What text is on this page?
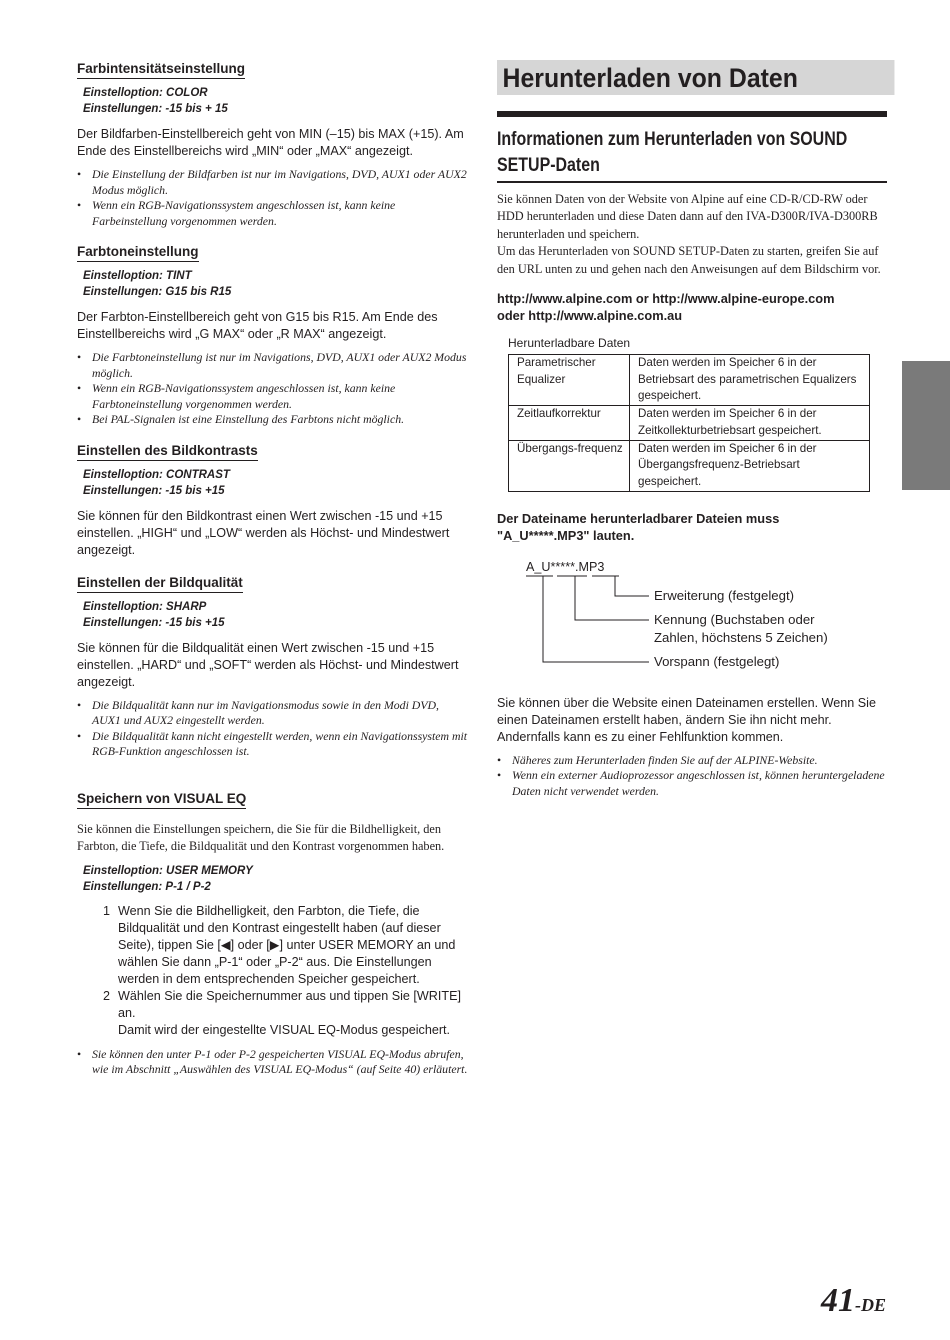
Farbintensitätseinstellung
Einstelloption: COLOR
Einstellungen: -15 bis + 15
Der Bildfarben-Einstellbereich geht von MIN (–15) bis MAX (+15). Am Ende des Einstellbereichs wird „MIN“ oder „MAX“ angezeigt.
• Die Einstellung der Bildfarben ist nur im Navigations, DVD, AUX1 oder AUX2 Modus möglich.
• Wenn ein RGB-Navigationssystem angeschlossen ist, kann keine Farbeinstellung vorgenommen werden.
Farbtoneinstellung
Einstelloption: TINT
Einstellungen: G15 bis R15
Der Farbton-Einstellbereich geht von G15 bis R15. Am Ende des Einstellbereichs wird „G MAX“ oder „R MAX“ angezeigt.
• Die Farbtoneinstellung ist nur im Navigations, DVD, AUX1 oder AUX2 Modus möglich.
• Wenn ein RGB-Navigationssystem angeschlossen ist, kann keine Farbtoneinstellung vorgenommen werden.
• Bei PAL-Signalen ist eine Einstellung des Farbtons nicht möglich.
Einstellen des Bildkontrasts
Einstelloption: CONTRAST
Einstellungen: -15 bis +15
Sie können für den Bildkontrast einen Wert zwischen -15 und +15 einstellen. „HIGH“ und „LOW“ werden als Höchst- und Mindestwert angezeigt.
Einstellen der Bildqualität
Einstelloption: SHARP
Einstellungen: -15 bis +15
Sie können für die Bildqualität einen Wert zwischen -15 und +15 einstellen. „HARD“ und „SOFT“ werden als Höchst- und Mindestwert angezeigt.
• Die Bildqualität kann nur im Navigationsmodus sowie in den Modi DVD, AUX1 und AUX2 eingestellt werden.
• Die Bildqualität kann nicht eingestellt werden, wenn ein Navigationssystem mit RGB-Funktion angeschlossen ist.
Speichern von VISUAL EQ
Sie können die Einstellungen speichern, die Sie für die Bildhelligkeit, den Farbton, die Tiefe, die Bildqualität und den Kontrast vorgenommen haben.
Einstelloption: USER MEMORY
Einstellungen: P-1 / P-2
1 Wenn Sie die Bildhelligkeit, den Farbton, die Tiefe, die Bildqualität und den Kontrast eingestellt haben (auf dieser Seite), tippen Sie [◀] oder [▶] unter USER MEMORY an und wählen Sie dann „P-1“ oder „P-2“ aus. Die Einstellungen werden in dem entsprechenden Speicher gespeichert.
2 Wählen Sie die Speichernummer aus und tippen Sie [WRITE] an.
Damit wird der eingestellte VISUAL EQ-Modus gespeichert.
• Sie können den unter P-1 oder P-2 gespeicherten VISUAL EQ-Modus abrufen, wie im Abschnitt „Auswählen des VISUAL EQ-Modus“ (auf Seite 40) erläutert.
Herunterladen von Daten
Informationen zum Herunterladen von SOUND SETUP-Daten
Sie können Daten von der Website von Alpine auf eine CD-R/CD-RW oder HDD herunterladen und diese Daten dann auf den IVA-D300R/IVA-D300RB herunterladen und speichern.
Um das Herunterladen von SOUND SETUP-Daten zu starten, greifen Sie auf den URL unten zu und gehen nach den Anweisungen auf dem Bildschirm vor.
http://www.alpine.com or http://www.alpine-europe.com
oder http://www.alpine.com.au
Herunterladbare Daten
Parametrischer Equalizer	Daten werden im Speicher 6 in der Betriebsart des parametrischen Equalizers gespeichert.
Zeitlaufkorrektur	Daten werden im Speicher 6 in der Zeitkollekturbetriebsart gespeichert.
Übergangs-frequenz	Daten werden im Speicher 6 in der Übergangsfrequenz-Betriebsart gespeichert.
Der Dateiname herunterladbarer Dateien muss
"A_U*****.MP3" lauten.
A_U*****.MP3
Erweiterung (festgelegt)
Kennung (Buchstaben oder
Zahlen, höchstens 5 Zeichen)
Vorspann (festgelegt)
Sie können über die Website einen Dateinamen erstellen. Wenn Sie einen Dateinamen erstellt haben, ändern Sie ihn nicht mehr. Andernfalls kann es zu einer Fehlfunktion kommen.
• Näheres zum Herunterladen finden Sie auf der ALPINE-Website.
• Wenn ein externer Audioprozessor angeschlossen ist, können heruntergeladene Daten nicht verwendet werden.
41-DE
